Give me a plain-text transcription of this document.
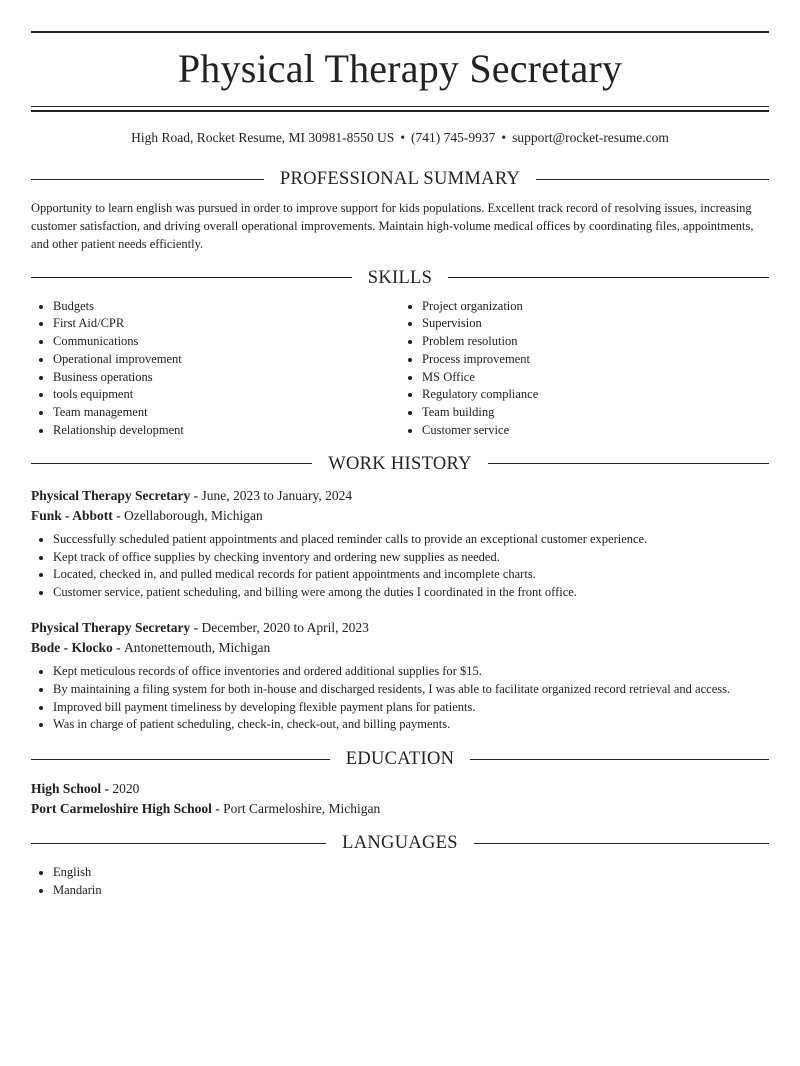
Physical Therapy Secretary
High Road, Rocket Resume, MI 30981-8550 US • (741) 745-9937 • support@rocket-resume.com
PROFESSIONAL SUMMARY

Opportunity to learn english was pursued in order to improve support for kids populations. Excellent track record of resolving issues, increasing customer satisfaction, and driving overall operational improvements. Maintain high-volume medical offices by coordinating files, appointments, and other patient needs efficiently.

SKILLS
• Budgets
• First Aid/CPR
• Communications
• Operational improvement
• Business operations
• tools equipment
• Team management
• Relationship development
• Project organization
• Supervision
• Problem resolution
• Process improvement
• MS Office
• Regulatory compliance
• Team building
• Customer service
WORK HISTORY
Physical Therapy Secretary - June, 2023 to January, 2024
Funk - Abbott - Ozellaborough, Michigan
• Successfully scheduled patient appointments and placed reminder calls to provide an exceptional customer experience.
• Kept track of office supplies by checking inventory and ordering new supplies as needed.
• Located, checked in, and pulled medical records for patient appointments and incomplete charts.
• Customer service, patient scheduling, and billing were among the duties I coordinated in the front office.
Physical Therapy Secretary - December, 2020 to April, 2023
Bode - Klocko - Antonettemouth, Michigan
• Kept meticulous records of office inventories and ordered additional supplies for $15.
• By maintaining a filing system for both in-house and discharged residents, I was able to facilitate organized record retrieval and access.
• Improved bill payment timeliness by developing flexible payment plans for patients.
• Was in charge of patient scheduling, check-in, check-out, and billing payments.
EDUCATION
High School - 2020
Port Carmeloshire High School - Port Carmeloshire, Michigan
LANGUAGES
• English
• Mandarin
